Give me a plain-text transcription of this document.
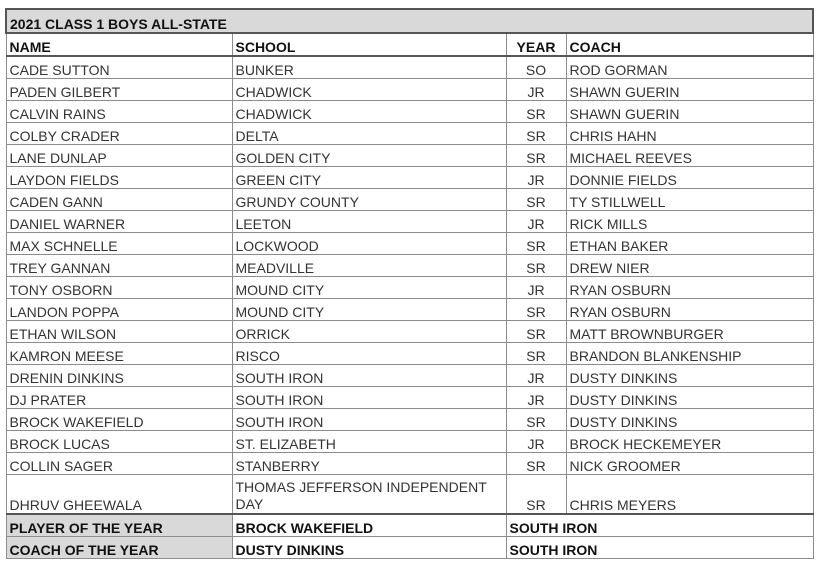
2021 CLASS 1 BOYS ALL-STATE			
NAME	SCHOOL	YEAR	COACH
CADE SUTTON	BUNKER	SO	ROD GORMAN
PADEN GILBERT	CHADWICK	JR	SHAWN GUERIN
CALVIN RAINS	CHADWICK	SR	SHAWN GUERIN
COLBY CRADER	DELTA	SR	CHRIS HAHN
LANE DUNLAP	GOLDEN CITY	SR	MICHAEL REEVES
LAYDON FIELDS	GREEN CITY	JR	DONNIE FIELDS
CADEN GANN	GRUNDY COUNTY	SR	TY STILLWELL
DANIEL WARNER	LEETON	JR	RICK MILLS
MAX SCHNELLE	LOCKWOOD	SR	ETHAN BAKER
TREY GANNAN	MEADVILLE	SR	DREW NIER
TONY OSBORN	MOUND CITY	JR	RYAN OSBURN
LANDON POPPA	MOUND CITY	SR	RYAN OSBURN
ETHAN WILSON	ORRICK	SR	MATT BROWNBURGER
KAMRON MEESE	RISCO	SR	BRANDON BLANKENSHIP
DRENIN DINKINS	SOUTH IRON	JR	DUSTY DINKINS
DJ PRATER	SOUTH IRON	JR	DUSTY DINKINS
BROCK WAKEFIELD	SOUTH IRON	SR	DUSTY DINKINS
BROCK LUCAS	ST. ELIZABETH	JR	BROCK HECKEMEYER
COLLIN SAGER	STANBERRY	SR	NICK GROOMER
DHRUV GHEEWALA	THOMAS JEFFERSON INDEPENDENT DAY	SR	CHRIS MEYERS
PLAYER OF THE YEAR	BROCK WAKEFIELD	SOUTH IRON	
COACH OF THE YEAR	DUSTY DINKINS	SOUTH IRON	
